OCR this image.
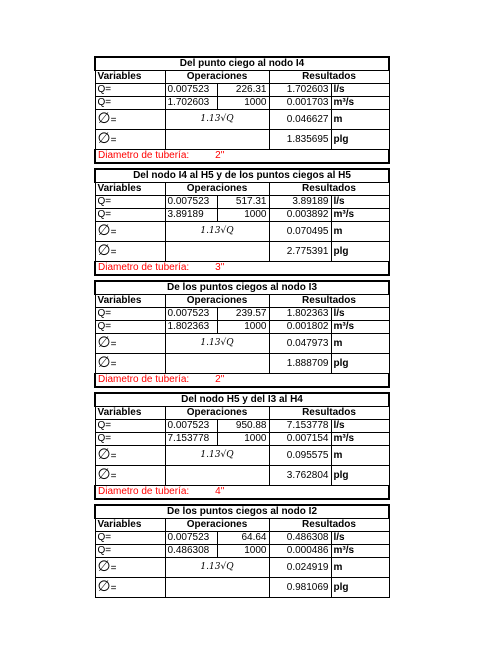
Del punto ciego al nodo I4				
Variables	Operaciones		Resultados	
Q=	0.007523	226.31	1.702603	l/s
Q=	1.702603	1000	0.001703	m³/s
∅=	1.13√Q		0.046627	m
∅=			1.835695	plg
Diametro de tubería: 2"				
Del nodo I4 al H5 y de los puntos ciegos al H5				
Variables	Operaciones		Resultados	
Q=	0.007523	517.31	3.89189	l/s
Q=	3.89189	1000	0.003892	m³/s
∅=	1.13√Q		0.070495	m
∅=			2.775391	plg
Diametro de tubería: 3"				
De los puntos ciegos al nodo I3				
Variables	Operaciones		Resultados	
Q=	0.007523	239.57	1.802363	l/s
Q=	1.802363	1000	0.001802	m³/s
∅=	1.13√Q		0.047973	m
∅=			1.888709	plg
Diametro de tubería: 2"				
Del nodo H5 y del I3 al H4				
Variables	Operaciones		Resultados	
Q=	0.007523	950.88	7.153778	l/s
Q=	7.153778	1000	0.007154	m³/s
∅=	1.13√Q		0.095575	m
∅=			3.762804	plg
Diametro de tubería: 4"				
De los puntos ciegos al nodo I2				
Variables	Operaciones		Resultados	
Q=	0.007523	64.64	0.486308	l/s
Q=	0.486308	1000	0.000486	m³/s
∅=	1.13√Q		0.024919	m
∅=			0.981069	plg
